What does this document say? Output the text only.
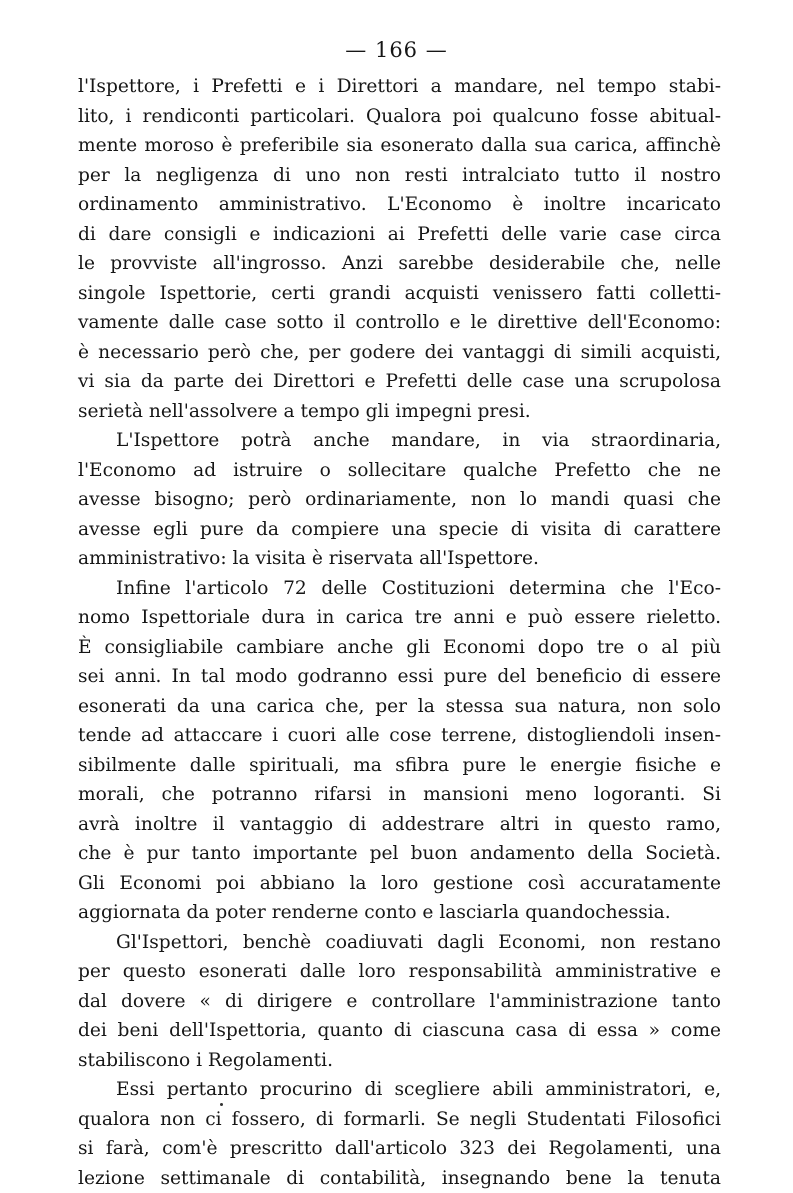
— 166 —
l'Ispettore, i Prefetti e i Direttori a mandare, nel tempo stabi-
lito, i rendiconti particolari. Qualora poi qualcuno fosse abitual-
mente moroso è preferibile sia esonerato dalla sua carica, affinchè
per la negligenza di uno non resti intralciato tutto il nostro
ordinamento amministrativo. L'Economo è inoltre incaricato
di dare consigli e indicazioni ai Prefetti delle varie case circa
le provviste all'ingrosso. Anzi sarebbe desiderabile che, nelle
singole Ispettorie, certi grandi acquisti venissero fatti colletti-
vamente dalle case sotto il controllo e le direttive dell'Economo:
è necessario però che, per godere dei vantaggi di simili acquisti,
vi sia da parte dei Direttori e Prefetti delle case una scrupolosa
serietà nell'assolvere a tempo gli impegni presi.
L'Ispettore potrà anche mandare, in via straordinaria,
l'Economo ad istruire o sollecitare qualche Prefetto che ne
avesse bisogno; però ordinariamente, non lo mandi quasi che
avesse egli pure da compiere una specie di visita di carattere
amministrativo: la visita è riservata all'Ispettore.
Infine l'articolo 72 delle Costituzioni determina che l'Eco-
nomo Ispettoriale dura in carica tre anni e può essere rieletto.
È consigliabile cambiare anche gli Economi dopo tre o al più
sei anni. In tal modo godranno essi pure del beneficio di essere
esonerati da una carica che, per la stessa sua natura, non solo
tende ad attaccare i cuori alle cose terrene, distogliendoli insen-
sibilmente dalle spirituali, ma sfibra pure le energie fisiche e
morali, che potranno rifarsi in mansioni meno logoranti. Si
avrà inoltre il vantaggio di addestrare altri in questo ramo,
che è pur tanto importante pel buon andamento della Società.
Gli Economi poi abbiano la loro gestione così accuratamente
aggiornata da poter renderne conto e lasciarla quandochessia.
Gl'Ispettori, benchè coadiuvati dagli Economi, non restano
per questo esonerati dalle loro responsabilità amministrative e
dal dovere « di dirigere e controllare l'amministrazione tanto
dei beni dell'Ispettoria, quanto di ciascuna casa di essa » come
stabiliscono i Regolamenti.
Essi pertanto procurino di scegliere abili amministratori, e,
qualora non ci fossero, di formarli. Se negli Studentati Filosofici
si farà, com'è prescritto dall'articolo 323 dei Regolamenti, una
lezione settimanale di contabilità, insegnando bene la tenuta
